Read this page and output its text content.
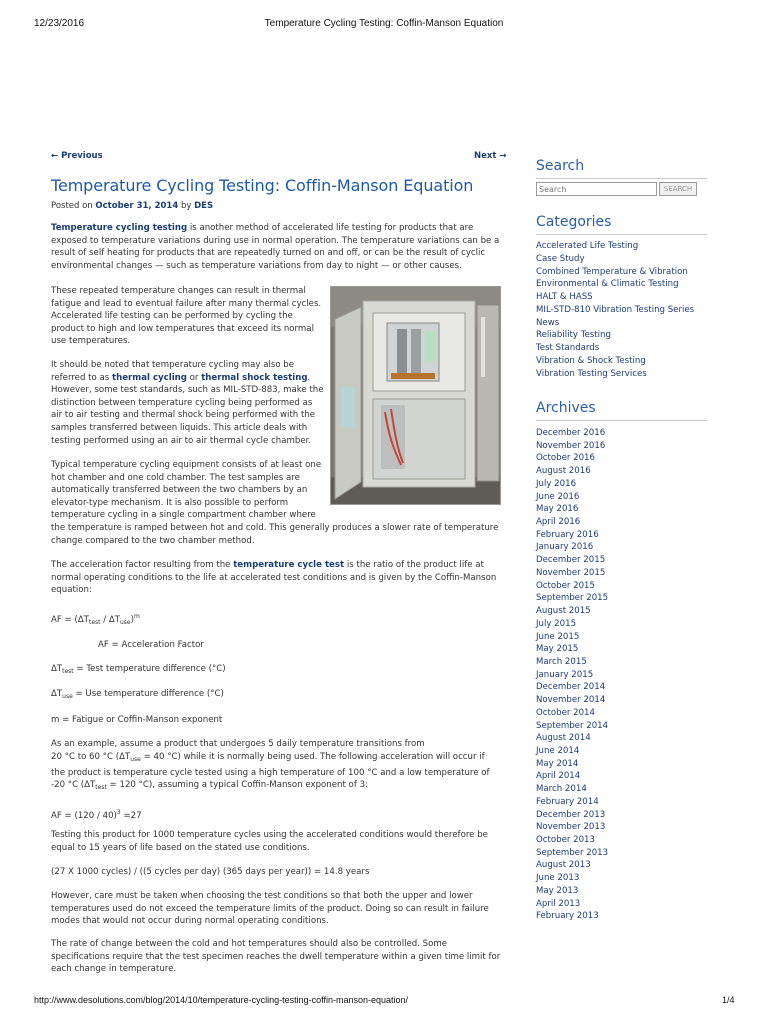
12/23/2016	Temperature Cycling Testing: Coffin-Manson Equation
http://www.desolutions.com/blog/2014/10/temperature-cycling-testing-coffin-manson-equation/	1/4
← Previous	Next →
Temperature Cycling Testing: Coffin-Manson Equation
Posted on October 31, 2014 by DES

Temperature cycling testing is another method of accelerated life testing for products that are exposed to temperature variations during use in normal operation. The temperature variations can be a result of self heating for products that are repeatedly turned on and off, or can be the result of cyclic environmental changes — such as temperature variations from day to night — or other causes.

These repeated temperature changes can result in thermal fatigue and lead to eventual failure after many thermal cycles. Accelerated life testing can be performed by cycling the product to high and low temperatures that exceed its normal use temperatures.

It should be noted that temperature cycling may also be referred to as thermal cycling or thermal shock testing. However, some test standards, such as MIL-STD-883, make the distinction between temperature cycling being performed as air to air testing and thermal shock being performed with the samples transferred between liquids. This article deals with testing performed using an air to air thermal cycle chamber.

Typical temperature cycling equipment consists of at least one hot chamber and one cold chamber. The test samples are automatically transferred between the two chambers by an elevator-type mechanism. It is also possible to perform temperature cycling in a single compartment chamber where

the temperature is ramped between hot and cold. This generally produces a slower rate of temperature change compared to the two chamber method.

The acceleration factor resulting from the temperature cycle test is the ratio of the product life at normal operating conditions to the life at accelerated test conditions and is given by the Coffin-Manson equation:

AF = $(\Delta T_{test} / \Delta T_{use})^m$

AF = Acceleration Factor

$\Delta T_{test}$ = Test temperature difference (°C)

$\Delta T_{use}$ = Use temperature difference (°C)

m = Fatigue or Coffin-Manson exponent

As an example, assume a product that undergoes 5 daily temperature transitions from

20 °C to 60 °C ($\Delta T_{use} = 40$ °C) while it is normally being used. The following acceleration will occur if the product is temperature cycle tested using a high temperature of 100 °C and a low temperature of -20 °C ($\Delta T_{test} = 120$ °C), assuming a typical Coffin-Manson exponent of 3:

AF = (120 / 40)$^3$ =27

Testing this product for 1000 temperature cycles using the accelerated conditions would therefore be equal to 15 years of life based on the stated use conditions.

(27 X 1000 cycles) / ((5 cycles per day) (365 days per year)) = 14.8 years

However, care must be taken when choosing the test conditions so that both the upper and lower temperatures used do not exceed the temperature limits of the product. Doing so can result in failure modes that would not occur during normal operating conditions.

The rate of change between the cold and hot temperatures should also be controlled. Some specifications require that the test specimen reaches the dwell temperature within a given time limit for each change in temperature.

Search
Search
SEARCH
Categories
Accelerated Life Testing
Case Study
Combined Temperature & Vibration
Environmental & Climatic Testing
HALT & HASS
MIL-STD-810 Vibration Testing Series
News
Reliability Testing
Test Standards
Vibration & Shock Testing
Vibration Testing Services
Archives
December 2016
November 2016
October 2016
August 2016
July 2016
June 2016
May 2016
April 2016
February 2016
January 2016
December 2015
November 2015
October 2015
September 2015
August 2015
July 2015
June 2015
May 2015
March 2015
January 2015
December 2014
November 2014
October 2014
September 2014
August 2014
June 2014
May 2014
April 2014
March 2014
February 2014
December 2013
November 2013
October 2013
September 2013
August 2013
June 2013
May 2013
April 2013
February 2013
